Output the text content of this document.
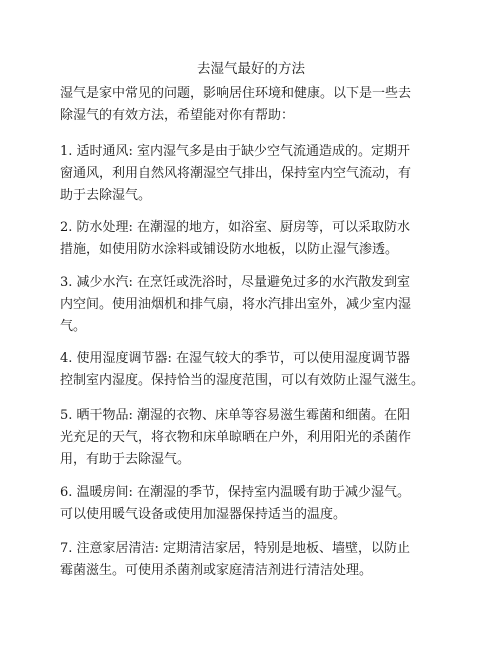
去湿气最好的方法
湿气是家中常见的问题，影响居住环境和健康。以下是一些去
除湿气的有效方法，希望能对你有帮助：
1. 适时通风: 室内湿气多是由于缺少空气流通造成的。定期开
窗通风，利用自然风将潮湿空气排出，保持室内空气流动，有
助于去除湿气。
2. 防水处理: 在潮湿的地方，如浴室、厨房等，可以采取防水
措施，如使用防水涂料或铺设防水地板，以防止湿气渗透。
3. 减少水汽: 在烹饪或洗浴时，尽量避免过多的水汽散发到室
内空间。使用油烟机和排气扇，将水汽排出室外，减少室内湿
气。
4. 使用湿度调节器: 在湿气较大的季节，可以使用湿度调节器
控制室内湿度。保持恰当的湿度范围，可以有效防止湿气滋生。
5. 晒干物品: 潮湿的衣物、床单等容易滋生霉菌和细菌。在阳
光充足的天气，将衣物和床单晾晒在户外，利用阳光的杀菌作
用，有助于去除湿气。
6. 温暖房间: 在潮湿的季节，保持室内温暖有助于减少湿气。
可以使用暖气设备或使用加湿器保持适当的温度。
7. 注意家居清洁: 定期清洁家居，特别是地板、墙壁，以防止
霉菌滋生。可使用杀菌剂或家庭清洁剂进行清洁处理。
